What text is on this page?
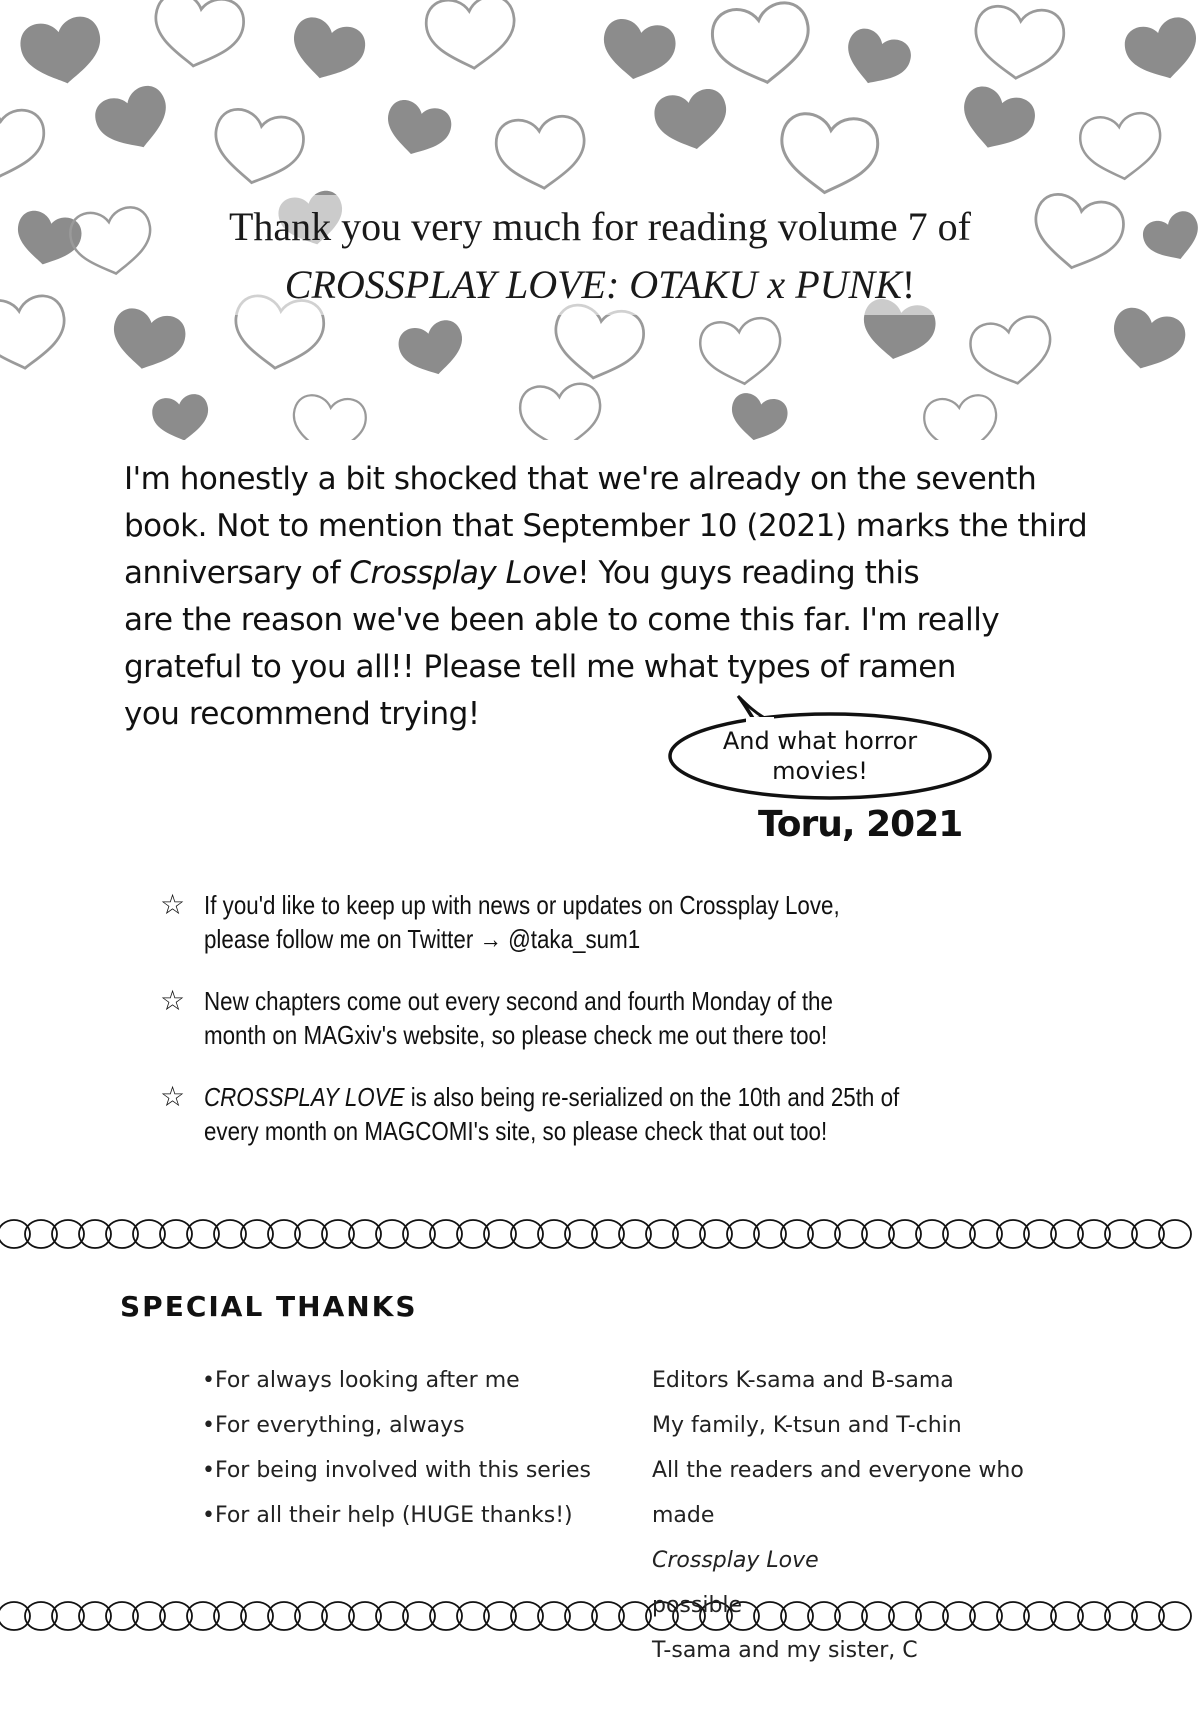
Thank you very much for reading volume 7 of
CROSSPLAY LOVE: OTAKU x PUNK!
I'm honestly a bit shocked that we're already on the seventh
book. Not to mention that September 10 (2021) marks the third
anniversary of Crossplay Love! You guys reading this
are the reason we've been able to come this far. I'm really
grateful to you all!! Please tell me what types of ramen
you recommend trying!
And what horror
movies!
Toru, 2021
☆ If you'd like to keep up with news or updates on Crossplay Love,
please follow me on Twitter → @taka_sum1
☆ New chapters come out every second and fourth Monday of the
month on MAGxiv's website, so please check me out there too!
☆ CROSSPLAY LOVE is also being re-serialized on the 10th and 25th of
every month on MAGCOMI's site, so please check that out too!
SPECIAL THANKS
•For always looking after me
•For everything, always
•For being involved with this series
•For all their help (HUGE thanks!)
Editors K-sama and B-sama
My family, K-tsun and T-chin
All the readers and everyone who
made
Crossplay Love
possible
T-sama and my sister, C
